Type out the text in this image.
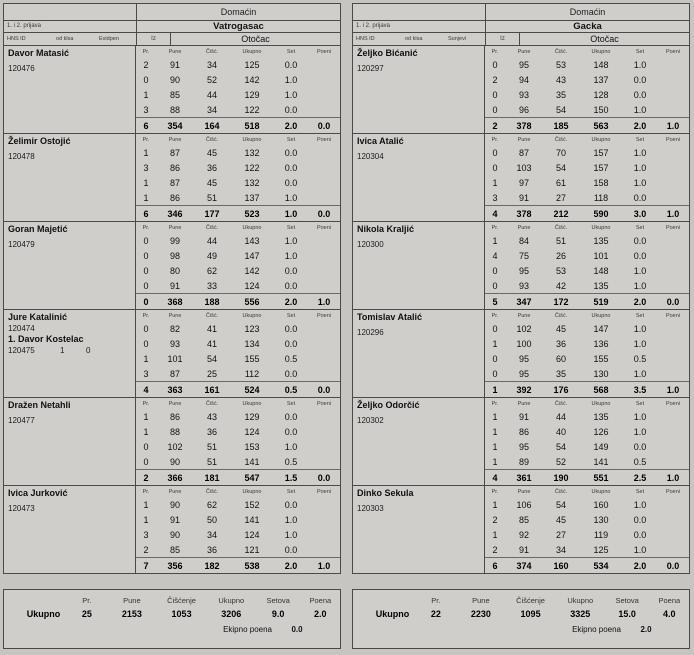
Domaćin
1. i 2. prijava	Vatrogasac
HNS ID	od klsa	Evidpen	Iz	Otočac
Davor Matasić
120476
Pr.	Pune	Čišć.	Ukupno	Set	Poeni
2	91	34	125	0.0
0	90	52	142	1.0
1	85	44	129	1.0
3	88	34	122	0.0
6	354	164	518	2.0	0.0
Želimir Ostojić
120478
Pr.	Pune	Čišć.	Ukupno	Set	Poeni
1	87	45	132	0.0
3	86	36	122	0.0
1	87	45	132	0.0
1	86	51	137	1.0
6	346	177	523	1.0	0.0
Goran Majetić
120479
Pr.	Pune	Čišć.	Ukupno	Set	Poeni
0	99	44	143	1.0
0	98	49	147	1.0
0	80	62	142	0.0
0	91	33	124	0.0
0	368	188	556	2.0	1.0
Jure Katalinić
120474
1. Davor Kostelac
120475	1	0
Pr.	Pune	Čišć.	Ukupno	Set	Poeni
0	82	41	123	0.0
0	93	41	134	0.0
1	101	54	155	0.5
3	87	25	112	0.0
4	363	161	524	0.5	0.0
Dražen Netahli
120477
Pr.	Pune	Čišć.	Ukupno	Set	Poeni
1	86	43	129	0.0
1	88	36	124	0.0
0	102	51	153	1.0
0	90	51	141	0.5
2	366	181	547	1.5	0.0
Ivica Jurković
120473
Pr.	Pune	Čišć.	Ukupno	Set	Poeni
1	90	62	152	0.0
1	91	50	141	1.0
3	90	34	124	1.0
2	85	36	121	0.0
7	356	182	538	2.0	1.0
Domaćin
1. i 2. prijava	Gacka
HNS ID	od klsa	Sunjevi	Iz	Otočac
Željko Bićanić
120297
Pr.	Pune	Čišć.	Ukupno	Set	Poeni
0	95	53	148	1.0
2	94	43	137	0.0
0	93	35	128	0.0
0	96	54	150	1.0
2	378	185	563	2.0	1.0
Ivica Atalić
120304
Pr.	Pune	Čišć.	Ukupno	Set	Poeni
0	87	70	157	1.0
0	103	54	157	1.0
1	97	61	158	1.0
3	91	27	118	0.0
4	378	212	590	3.0	1.0
Nikola Kraljić
120300
Pr.	Pune	Čišć.	Ukupno	Set	Poeni
1	84	51	135	0.0
4	75	26	101	0.0
0	95	53	148	1.0
0	93	42	135	1.0
5	347	172	519	2.0	0.0
Tomislav Atalić
120296
Pr.	Pune	Čišć.	Ukupno	Set	Poeni
0	102	45	147	1.0
1	100	36	136	1.0
0	95	60	155	0.5
0	95	35	130	1.0
1	392	176	568	3.5	1.0
Željko Odorčić
120302
Pr.	Pune	Čišć.	Ukupno	Set	Poeni
1	91	44	135	1.0
1	86	40	126	1.0
1	95	54	149	0.0
1	89	52	141	0.5
4	361	190	551	2.5	1.0
Dinko Sekula
120303
Pr.	Pune	Čišć.	Ukupno	Set	Poeni
1	106	54	160	1.0
2	85	45	130	0.0
1	92	27	119	0.0
2	91	34	125	1.0
6	374	160	534	2.0	0.0
Pr.	Pune	Čišćenje	Ukupno	Setova	Poena
Ukupno	25	2153	1053	3206	9.0	2.0
Ekipno poena	0.0
Pr.	Pune	Čišćenje	Ukupno	Setova	Poena
Ukupno	22	2230	1095	3325	15.0	4.0
Ekipno poena	2.0
